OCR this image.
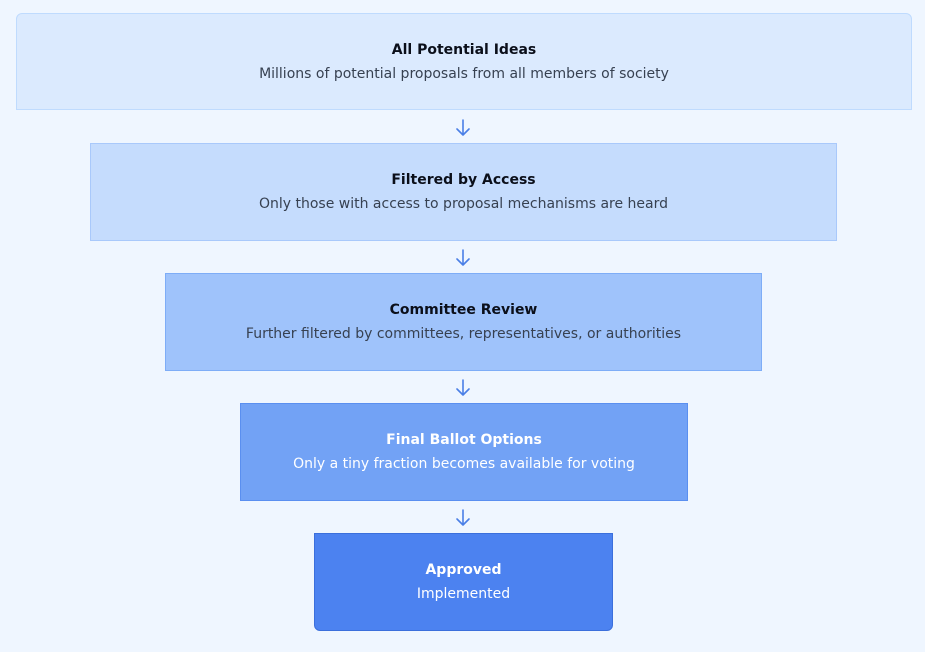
All Potential Ideas
Millions of potential proposals from all members of society
Filtered by Access
Only those with access to proposal mechanisms are heard
Committee Review
Further filtered by committees, representatives, or authorities
Final Ballot Options
Only a tiny fraction becomes available for voting
Approved
Implemented
